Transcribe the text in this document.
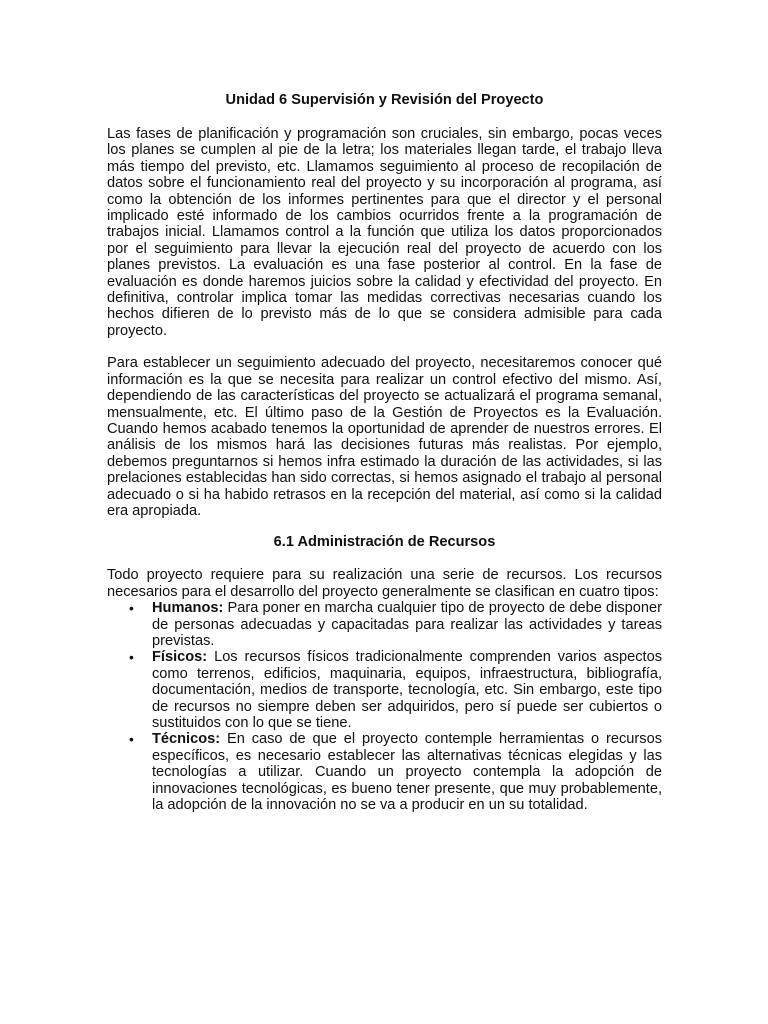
Unidad 6 Supervisión y Revisión del Proyecto

Las fases de planificación y programación son cruciales, sin embargo, pocas veces los planes se cumplen al pie de la letra; los materiales llegan tarde, el trabajo lleva más tiempo del previsto, etc. Llamamos seguimiento al proceso de recopilación de datos sobre el funcionamiento real del proyecto y su incorporación al programa, así como la obtención de los informes pertinentes para que el director y el personal implicado esté informado de los cambios ocurridos frente a la programación de trabajos inicial. Llamamos control a la función que utiliza los datos proporcionados por el seguimiento para llevar la ejecución real del proyecto de acuerdo con los planes previstos. La evaluación es una fase posterior al control. En la fase de evaluación es donde haremos juicios sobre la calidad y efectividad del proyecto. En definitiva, controlar implica tomar las medidas correctivas necesarias cuando los hechos difieren de lo previsto más de lo que se considera admisible para cada proyecto.

Para establecer un seguimiento adecuado del proyecto, necesitaremos conocer qué información es la que se necesita para realizar un control efectivo del mismo. Así, dependiendo de las características del proyecto se actualizará el programa semanal, mensualmente, etc. El último paso de la Gestión de Proyectos es la Evaluación. Cuando hemos acabado tenemos la oportunidad de aprender de nuestros errores. El análisis de los mismos hará las decisiones futuras más realistas. Por ejemplo, debemos preguntarnos si hemos infra estimado la duración de las actividades, si las prelaciones establecidas han sido correctas, si hemos asignado el trabajo al personal adecuado o si ha habido retrasos en la recepción del material, así como si la calidad era apropiada.

6.1 Administración de Recursos

Todo proyecto requiere para su realización una serie de recursos. Los recursos necesarios para el desarrollo del proyecto generalmente se clasifican en cuatro tipos:

• Humanos: Para poner en marcha cualquier tipo de proyecto de debe disponer de personas adecuadas y capacitadas para realizar las actividades y tareas previstas.
• Físicos: Los recursos físicos tradicionalmente comprenden varios aspectos como terrenos, edificios, maquinaria, equipos, infraestructura, bibliografía, documentación, medios de transporte, tecnología, etc. Sin embargo, este tipo de recursos no siempre deben ser adquiridos, pero sí puede ser cubiertos o sustituidos con lo que se tiene.
• Técnicos: En caso de que el proyecto contemple herramientas o recursos específicos, es necesario establecer las alternativas técnicas elegidas y las tecnologías a utilizar. Cuando un proyecto contempla la adopción de innovaciones tecnológicas, es bueno tener presente, que muy probablemente, la adopción de la innovación no se va a producir en un su totalidad.
